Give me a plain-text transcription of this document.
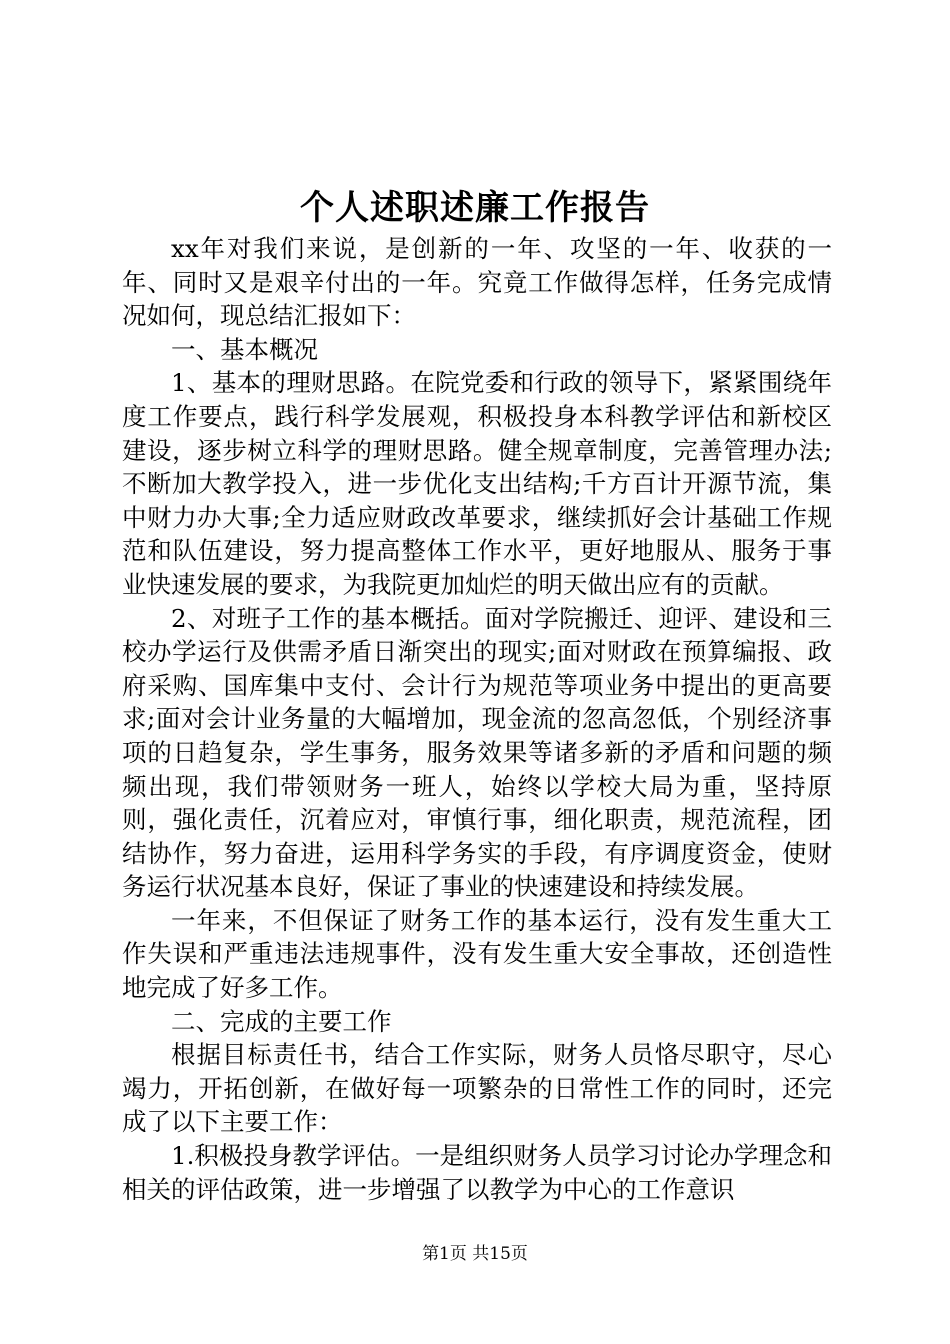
个人述职述廉工作报告

xx年对我们来说，是创新的一年、攻坚的一年、收获的一年、同时又是艰辛付出的一年。究竟工作做得怎样，任务完成情况如何，现总结汇报如下：

一、基本概况

1、基本的理财思路。在院党委和行政的领导下，紧紧围绕年度工作要点，践行科学发展观，积极投身本科教学评估和新校区建设，逐步树立科学的理财思路。健全规章制度，完善管理办法;不断加大教学投入，进一步优化支出结构;千方百计开源节流，集中财力办大事;全力适应财政改革要求，继续抓好会计基础工作规范和队伍建设，努力提高整体工作水平，更好地服从、服务于事业快速发展的要求，为我院更加灿烂的明天做出应有的贡献。

2、对班子工作的基本概括。面对学院搬迁、迎评、建设和三校办学运行及供需矛盾日渐突出的现实;面对财政在预算编报、政府采购、国库集中支付、会计行为规范等项业务中提出的更高要求;面对会计业务量的大幅增加，现金流的忽高忽低，个别经济事项的日趋复杂，学生事务，服务效果等诸多新的矛盾和问题的频频出现，我们带领财务一班人，始终以学校大局为重，坚持原则，强化责任，沉着应对，审慎行事，细化职责，规范流程，团结协作，努力奋进，运用科学务实的手段，有序调度资金，使财务运行状况基本良好，保证了事业的快速建设和持续发展。

一年来，不但保证了财务工作的基本运行，没有发生重大工作失误和严重违法违规事件，没有发生重大安全事故，还创造性地完成了好多工作。

二、完成的主要工作

根据目标责任书，结合工作实际，财务人员恪尽职守，尽心竭力，开拓创新，在做好每一项繁杂的日常性工作的同时，还完成了以下主要工作：

1.积极投身教学评估。一是组织财务人员学习讨论办学理念和相关的评估政策，进一步增强了以教学为中心的工作意识

第1页 共15页
